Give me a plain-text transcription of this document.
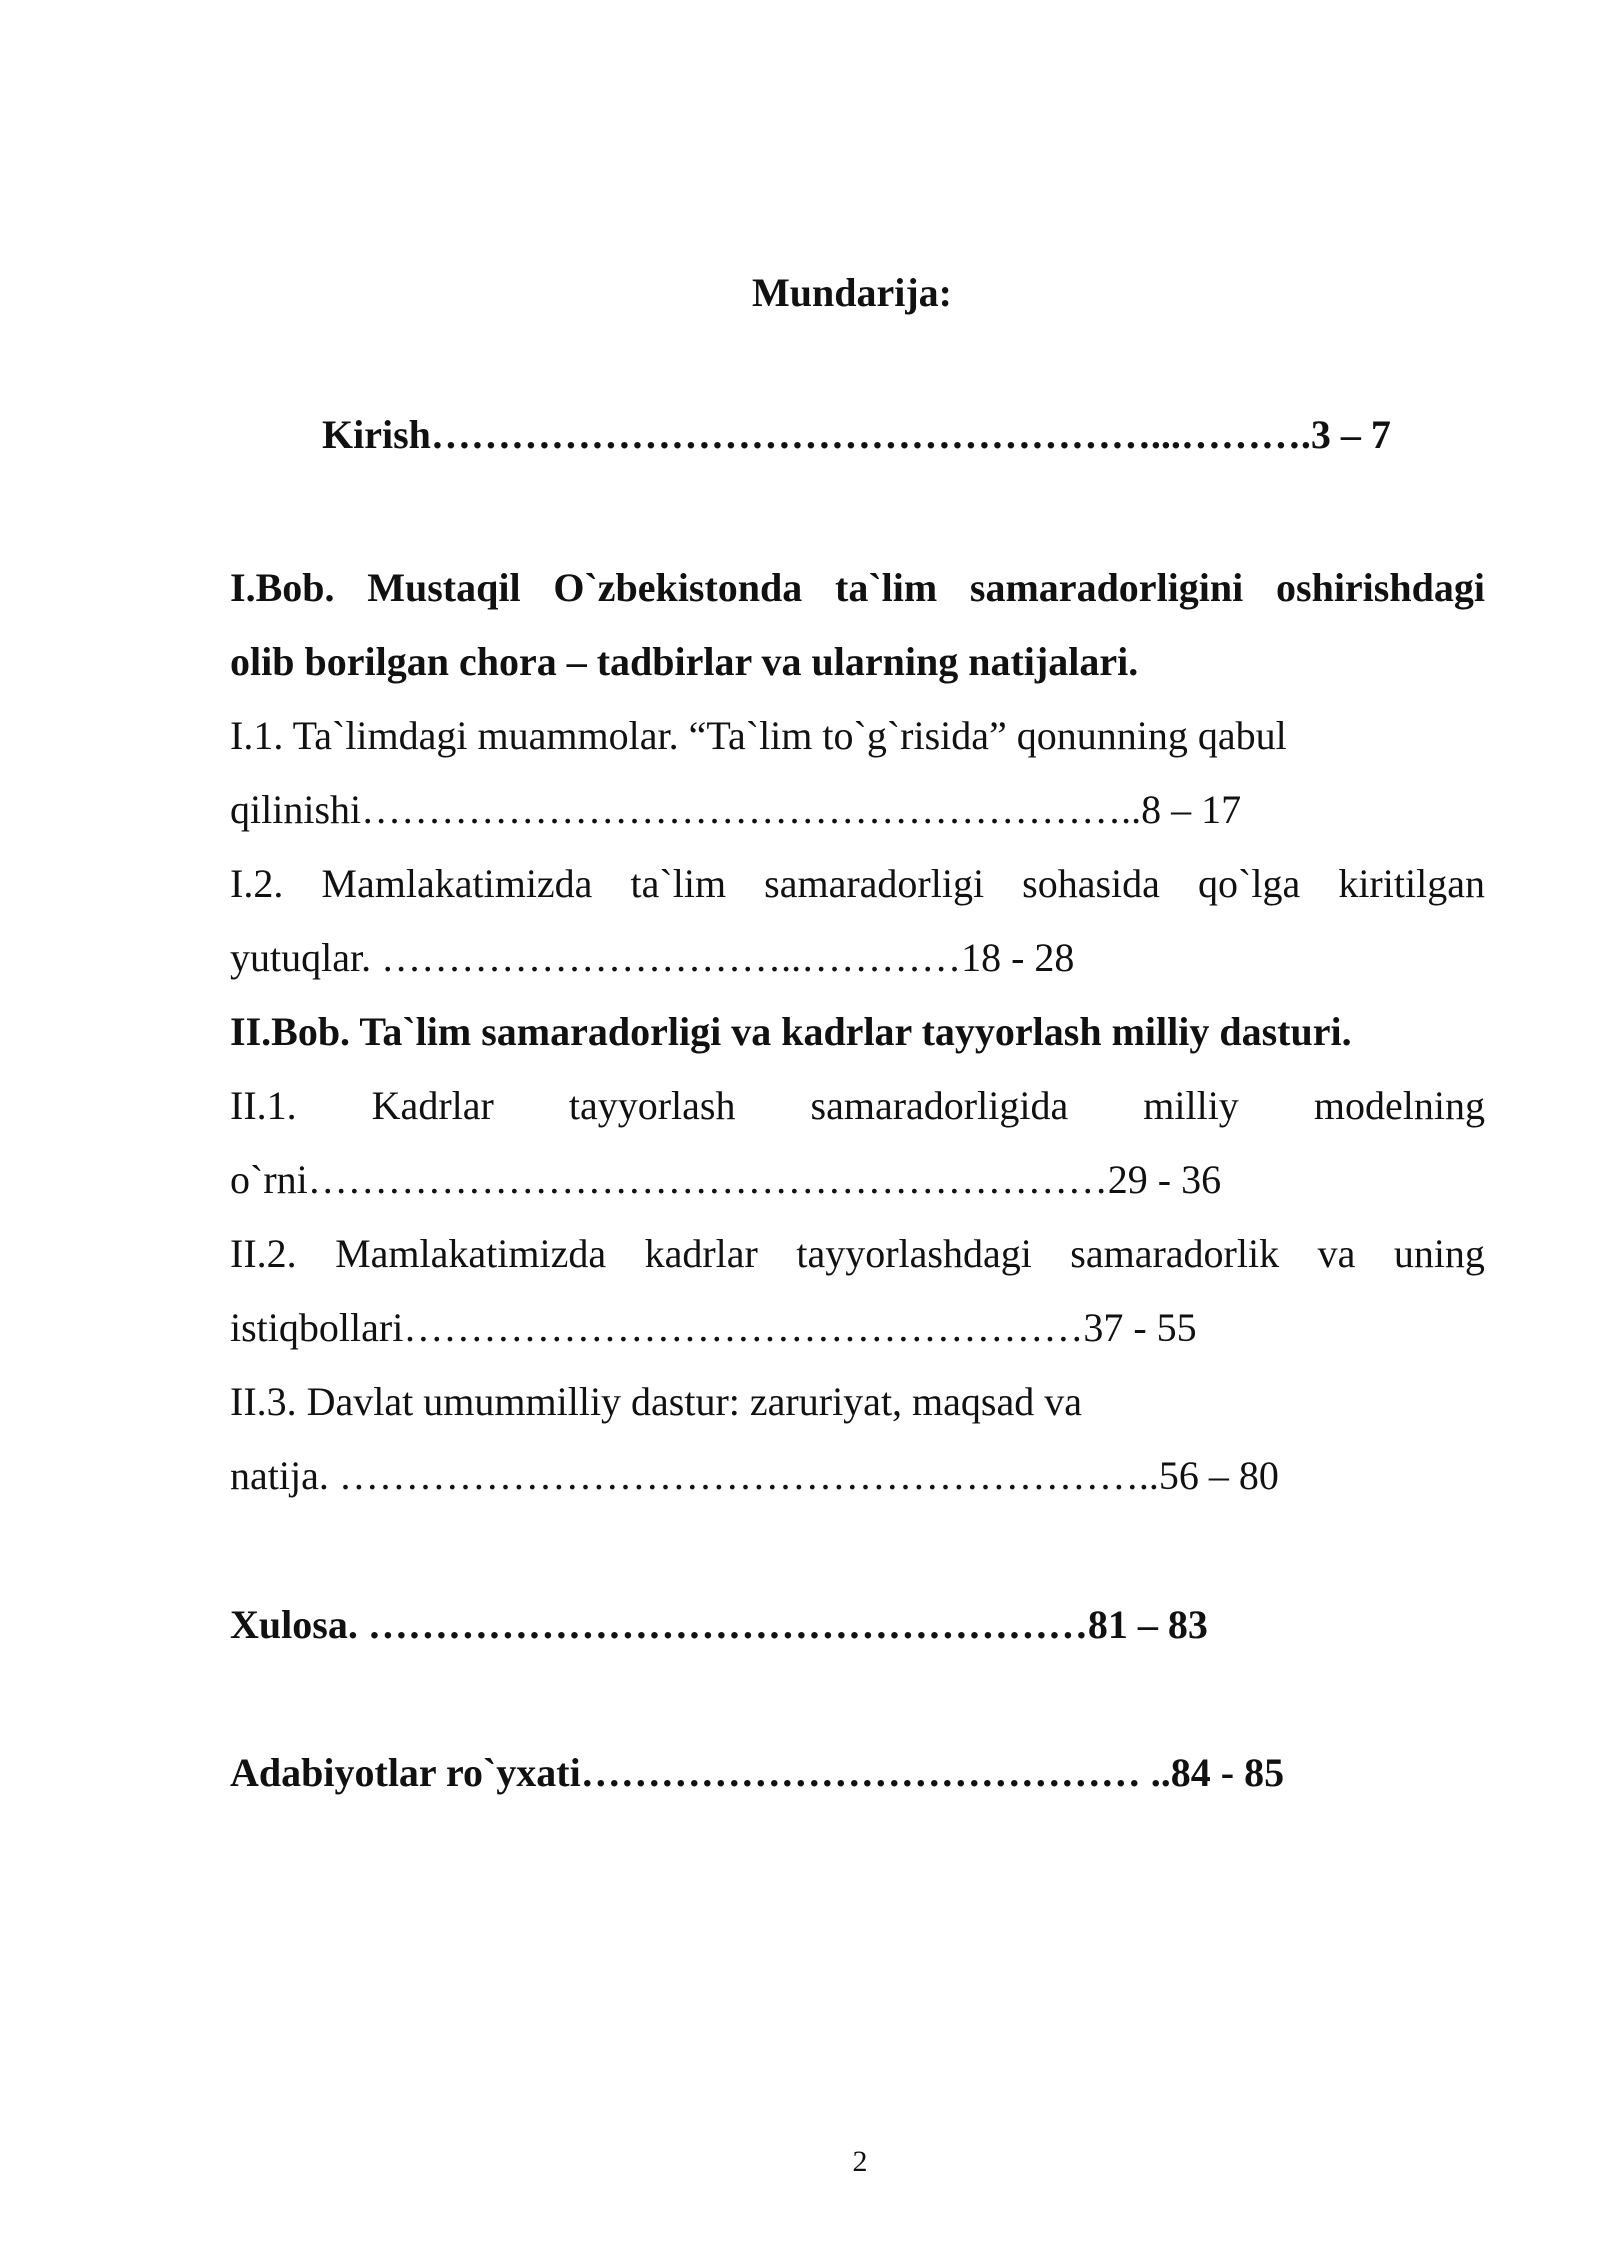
Mundarija:
Kirish………………………………………………...……….3 – 7
I.Bob. Mustaqil O`zbekistonda ta`lim samaradorligini oshirishdagi
olib borilgan chora – tadbirlar va ularning natijalari.
I.1. Ta`limdagi muammolar. “Ta`lim to`g`risida” qonunning qabul
qilinishi…………………………………………………..8 – 17
I.2. Mamlakatimizda ta`lim samaradorligi sohasida qo`lga kiritilgan
yutuqlar. …………………………..…………18 - 28
II.Bob. Ta`lim samaradorligi va kadrlar tayyorlash milliy dasturi.
II.1. Kadrlar tayyorlash samaradorligida milliy modelning
o`rni……………………………………………………29 - 36
II.2. Mamlakatimizda kadrlar tayyorlashdagi samaradorlik va uning
istiqbollari……………………………………………37 - 55
II.3. Davlat umummilliy dastur: zaruriyat, maqsad va
natija. ……………………………………………………..56 – 80
Xulosa. ………………………………………………81 – 83
Adabiyotlar ro`yxati…………………………………… ..84 - 85
2
